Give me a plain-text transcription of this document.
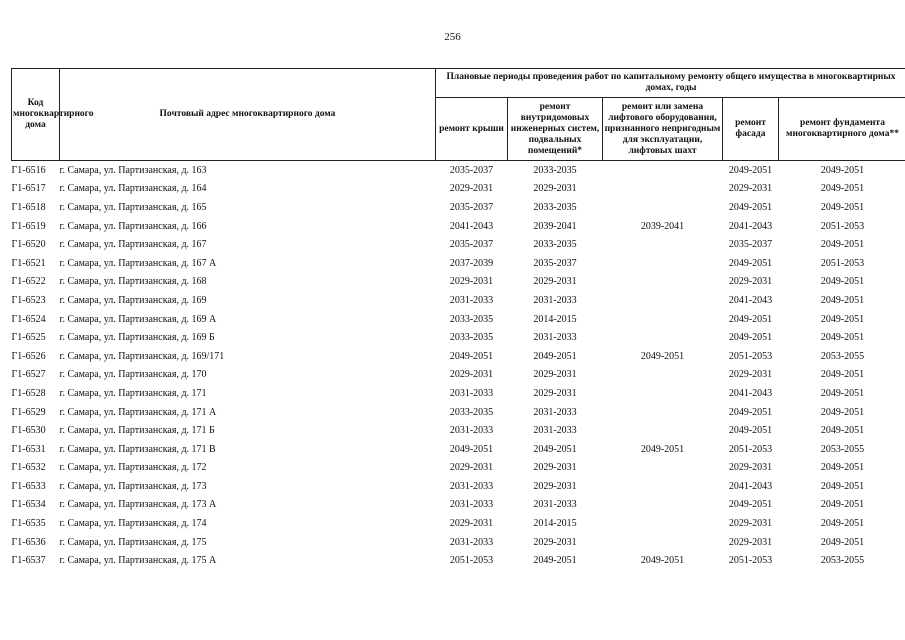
256
Код многоквартирного дома	Почтовый адрес многоквартирного дома	Плановые периоды проведения работ по капитальному ремонту общего имущества в многоквартирных домах, годы				
		ремонт крыши	ремонт внутридомовых инженерных систем, подвальных помещений*	ремонт или замена лифтового оборудования, признанного непригодным для эксплуатации, лифтовых шахт	ремонт фасада	ремонт фундамента многоквартирного дома**
Г1-6516	г. Самара, ул. Партизанская, д. 163	2035-2037	2033-2035		2049-2051	2049-2051
Г1-6517	г. Самара, ул. Партизанская, д. 164	2029-2031	2029-2031		2029-2031	2049-2051
Г1-6518	г. Самара, ул. Партизанская, д. 165	2035-2037	2033-2035		2049-2051	2049-2051
Г1-6519	г. Самара, ул. Партизанская, д. 166	2041-2043	2039-2041	2039-2041	2041-2043	2051-2053
Г1-6520	г. Самара, ул. Партизанская, д. 167	2035-2037	2033-2035		2035-2037	2049-2051
Г1-6521	г. Самара, ул. Партизанская, д. 167 А	2037-2039	2035-2037		2049-2051	2051-2053
Г1-6522	г. Самара, ул. Партизанская, д. 168	2029-2031	2029-2031		2029-2031	2049-2051
Г1-6523	г. Самара, ул. Партизанская, д. 169	2031-2033	2031-2033		2041-2043	2049-2051
Г1-6524	г. Самара, ул. Партизанская, д. 169 А	2033-2035	2014-2015		2049-2051	2049-2051
Г1-6525	г. Самара, ул. Партизанская, д. 169 Б	2033-2035	2031-2033		2049-2051	2049-2051
Г1-6526	г. Самара, ул. Партизанская, д. 169/171	2049-2051	2049-2051	2049-2051	2051-2053	2053-2055
Г1-6527	г. Самара, ул. Партизанская, д. 170	2029-2031	2029-2031		2029-2031	2049-2051
Г1-6528	г. Самара, ул. Партизанская, д. 171	2031-2033	2029-2031		2041-2043	2049-2051
Г1-6529	г. Самара, ул. Партизанская, д. 171 А	2033-2035	2031-2033		2049-2051	2049-2051
Г1-6530	г. Самара, ул. Партизанская, д. 171 Б	2031-2033	2031-2033		2049-2051	2049-2051
Г1-6531	г. Самара, ул. Партизанская, д. 171 В	2049-2051	2049-2051	2049-2051	2051-2053	2053-2055
Г1-6532	г. Самара, ул. Партизанская, д. 172	2029-2031	2029-2031		2029-2031	2049-2051
Г1-6533	г. Самара, ул. Партизанская, д. 173	2031-2033	2029-2031		2041-2043	2049-2051
Г1-6534	г. Самара, ул. Партизанская, д. 173 А	2031-2033	2031-2033		2049-2051	2049-2051
Г1-6535	г. Самара, ул. Партизанская, д. 174	2029-2031	2014-2015		2029-2031	2049-2051
Г1-6536	г. Самара, ул. Партизанская, д. 175	2031-2033	2029-2031		2029-2031	2049-2051
Г1-6537	г. Самара, ул. Партизанская, д. 175 А	2051-2053	2049-2051	2049-2051	2051-2053	2053-2055
